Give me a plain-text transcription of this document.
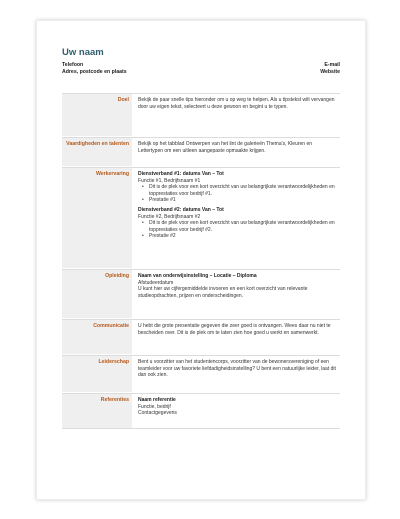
Uw naam
Telefoon
Adres, postcode en plaats
E-mail
Website
Doel	Bekijk de paar snelle tips hieronder om u op weg te helpen. Als u tipstekst wilt vervangen door uw eigen tekst, selecteert u deze gewoon en begint u te typen.
Vaardigheden en talenten	Bekijk op het tabblad Ontwerpen van het lint de galerieën Thema's, Kleuren en Lettertypen om een uitleen aangepaste opmaakte krijgen.
Werkervaring	Dienstverband #1: datums Van – Tot
Functie #1, Bedrijfsnaam #1
• Dit is de plek voor een kort overzicht van uw belangrijkste verantwoordelijkheden en topprestaties voor bedrijf #1.
• Prestatie #1
Dienstverband #2: datums Van – Tot
Functie #2, Bedrijfsnaam #2
• Dit is de plek voor een kort overzicht van uw belangrijkste verantwoordelijkheden en topprestaties voor bedrijf #2.
• Prestatie #2
Opleiding	Naam van onderwijsinstelling – Locatie – Diploma
Afstudeerdatum
U kunt hier uw cijfergemiddelde invoeren en een kort overzicht van relevante studieopdrachten, prijzen en onderscheidingen.
Communicatie	U hebt die grote presentatie gegeven die zeer goed is ontvangen. Wees daar nu niet te bescheiden over. Dit is de plek om te laten zien hoe goed u werkt en samenwerkt.
Leiderschap	Bent u voorzitter van het studentencorps, voorzitter van de bewonersvereniging of een teamleider voor uw favoriete liefdadigheidsinstelling? U bent een natuurlijke leider, laat dit dan ook zien.
Referenties	Naam referentie
Functie, bedrijf
Contactgegevens
